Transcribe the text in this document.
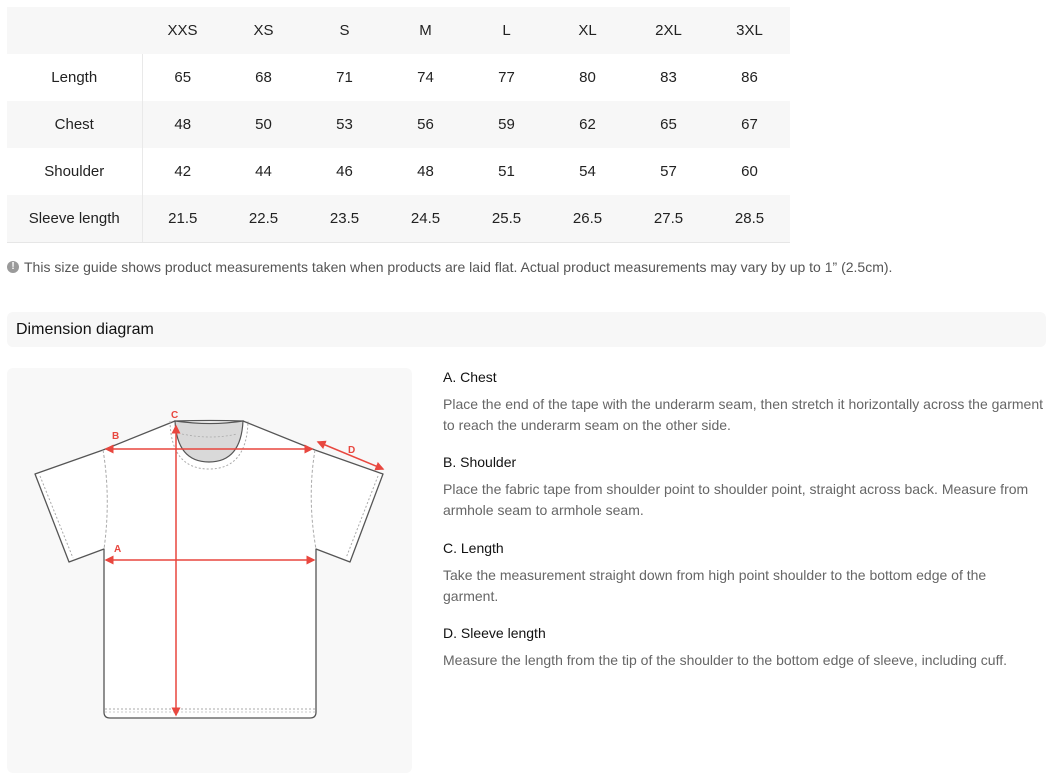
	XXS	XS	S	M	L	XL	2XL	3XL
Length	65	68	71	74	77	80	83	86
Chest	48	50	53	56	59	62	65	67
Shoulder	42	44	46	48	51	54	57	60
Sleeve length	21.5	22.5	23.5	24.5	25.5	26.5	27.5	28.5
! This size guide shows product measurements taken when products are laid flat. Actual product measurements may vary by up to 1” (2.5cm).
Dimension diagram
A
B
C
D

A. Chest

Place the end of the tape with the underarm seam, then stretch it horizontally across the garment to reach the underarm seam on the other side.

B. Shoulder

Place the fabric tape from shoulder point to shoulder point, straight across back. Measure from armhole seam to armhole seam.

C. Length

Take the measurement straight down from high point shoulder to the bottom edge of the garment.

D. Sleeve length

Measure the length from the tip of the shoulder to the bottom edge of sleeve, including cuff.
